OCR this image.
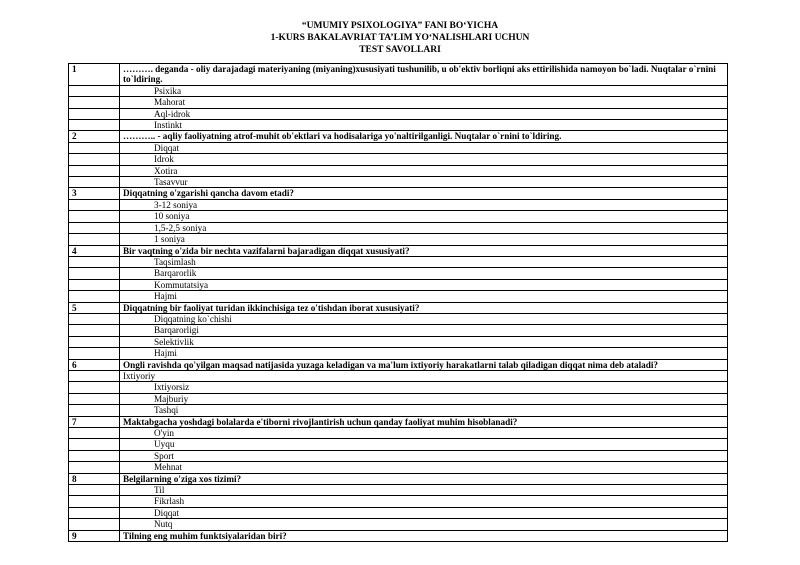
“UMUMIY PSIXOLOGIYA” FANI BO‘YICHA
1-KURS BAKALAVRIAT TA’LIM YO‘NALISHLARI UCHUN
TEST SAVOLLARI
1	………. deganda - oliy darajadagi materiyaning (miyaning)xususiyati tushunilib, u ob'ektiv borliqni aks ettirilishida namoyon bo`ladi. Nuqtalar o`rnini to`ldiring.
	Psixika
	Mahorat
	Aql-idrok
	Instinkt
2	……….. - aqliy faoliyatning atrof-muhit ob'ektlari va hodisalariga yo'naltirilganligi. Nuqtalar o`rnini to`ldiring.
	Diqqat
	Idrok
	Xotira
	Tasavvur
3	Diqqatning o'zgarishi qancha davom etadi?
	3-12 soniya
	10 soniya
	1,5-2,5 soniya
	1 soniya
4	Bir vaqtning o'zida bir nechta vazifalarni bajaradigan diqqat xususiyati?
	Taqsimlash
	Barqarorlik
	Kommutatsiya
	Hajmi
5	Diqqatning bir faoliyat turidan ikkinchisiga tez o'tishdan iborat xususiyati?
	Diqqatning ko`chishi
	Barqarorligi
	Selektivlik
	Hajmi
6	Ongli ravishda qo'yilgan maqsad natijasida yuzaga keladigan va ma'lum ixtiyoriy harakatlarni talab qiladigan diqqat nima deb ataladi?
	Ixtiyoriy
	Ixtiyorsiz
	Majburiy
	Tashqi
7	Maktabgacha yoshdagi bolalarda e'tiborni rivojlantirish uchun qanday faoliyat muhim hisoblanadi?
	O'yin
	Uyqu
	Sport
	Mehnat
8	Belgilarning o'ziga xos tizimi?
	Til
	Fikrlash
	Diqqat
	Nutq
9	Tilning eng muhim funktsiyalaridan biri?
